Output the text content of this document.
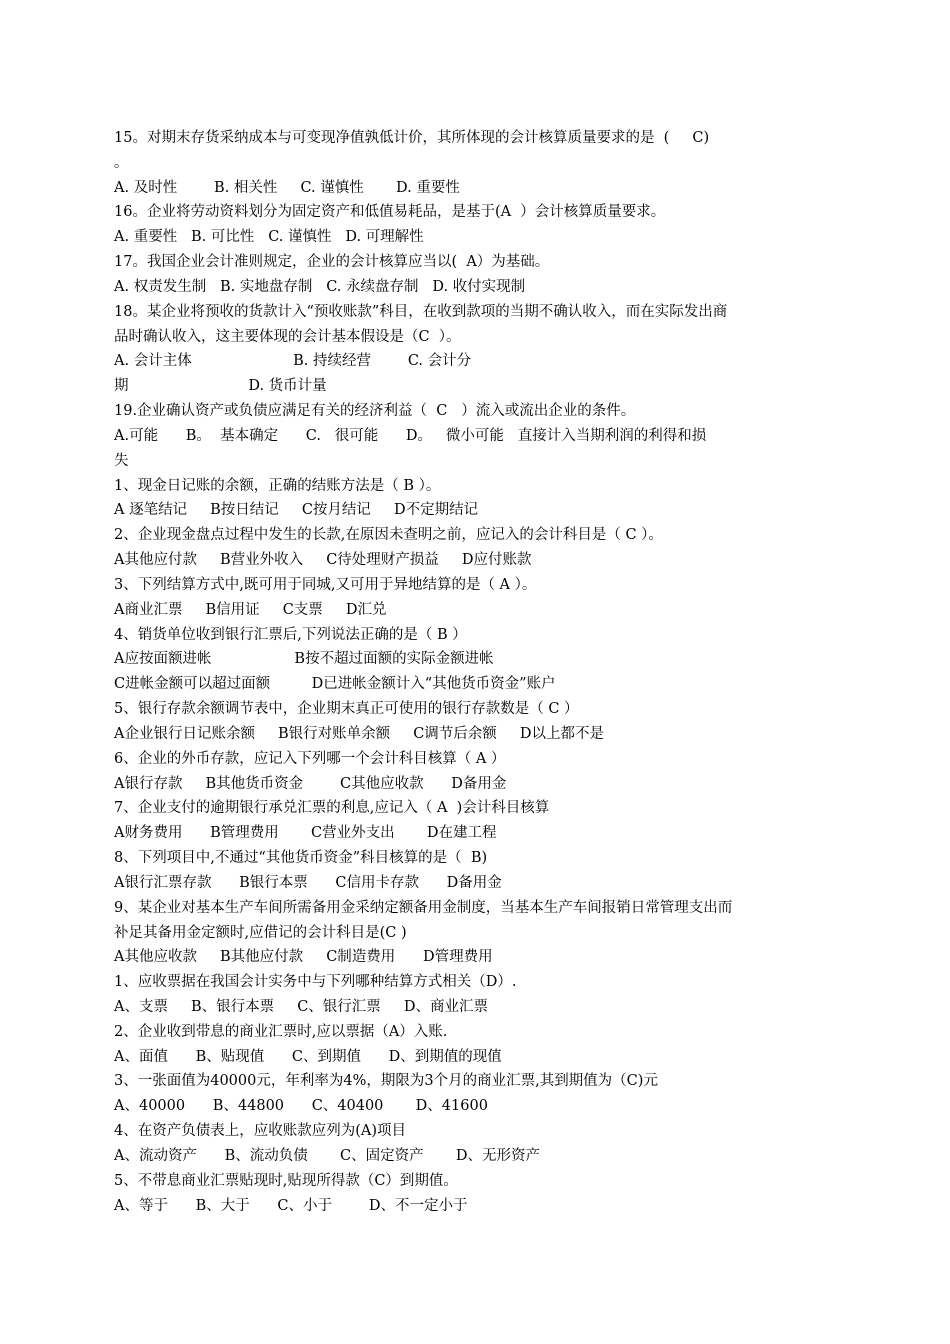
15。对期末存货采纳成本与可变现净值孰低计价，其所体现的会计核算质量要求的是  (     C)
。
A. 及时性        B. 相关性     C. 谨慎性       D. 重要性
16。企业将劳动资料划分为固定资产和低值易耗品，是基于(A  ）会计核算质量要求。
A. 重要性   B. 可比性   C. 谨慎性   D. 可理解性
17。我国企业会计准则规定，企业的会计核算应当以(  A）为基础。
A. 权责发生制   B. 实地盘存制   C. 永续盘存制   D. 收付实现制
18。某企业将预收的货款计入“预收账款”科目，在收到款项的当期不确认收入，而在实际发出商
品时确认收入，这主要体现的会计基本假设是（C  ）。
A. 会计主体                      B. 持续经营        C. 会计分
期                          D. 货币计量
19.企业确认资产或负债应满足有关的经济利益（  C   ）流入或流出企业的条件。
A.可能      B。  基本确定      C.   很可能      D。   微小可能   直接计入当期利润的利得和损
失
1、现金日记账的余额，正确的结账方法是（ B ）。
A 逐笔结记     B按日结记     C按月结记     D不定期结记
2、企业现金盘点过程中发生的长款,在原因未查明之前，应记入的会计科目是（ C ）。
A其他应付款     B营业外收入     C待处理财产损益     D应付账款
3、下列结算方式中,既可用于同城,又可用于异地结算的是（ A ）。
A商业汇票     B信用证     C支票     D汇兑
4、销货单位收到银行汇票后,下列说法正确的是（ B ）
A应按面额进帐                  B按不超过面额的实际金额进帐
C进帐金额可以超过面额         D已进帐金额计入“其他货币资金”账户
5、银行存款余额调节表中，企业期末真正可使用的银行存款数是（ C ）
A企业银行日记账余额     B银行对账单余额     C调节后余额     D以上都不是
6、企业的外币存款，应记入下列哪一个会计科目核算（ A ）
A银行存款     B其他货币资金        C其他应收款      D备用金
7、企业支付的逾期银行承兑汇票的利息,应记入（ A  )会计科目核算
A财务费用      B管理费用       C营业外支出       D在建工程
8、下列项目中,不通过“其他货币资金”科目核算的是（  B)
A银行汇票存款      B银行本票      C信用卡存款      D备用金
9、某企业对基本生产车间所需备用金采纳定额备用金制度，当基本生产车间报销日常管理支出而
补足其备用金定额时,应借记的会计科目是(C )
A其他应收款     B其他应付款     C制造费用      D管理费用
1、应收票据在我国会计实务中与下列哪种结算方式相关（D）.
A、支票     B、银行本票     C、银行汇票     D、商业汇票
2、企业收到带息的商业汇票时,应以票据（A）入账.
A、面值      B、贴现值      C、到期值      D、到期值的现值
3、一张面值为40000元，年利率为4%，期限为3个月的商业汇票,其到期值为（C)元
A、40000      B、44800      C、40400       D、41600
4、在资产负债表上，应收账款应列为(A)项目
A、流动资产      B、流动负债       C、固定资产       D、无形资产
5、不带息商业汇票贴现时,贴现所得款（C）到期值。
A、等于      B、大于      C、小于        D、不一定小于
